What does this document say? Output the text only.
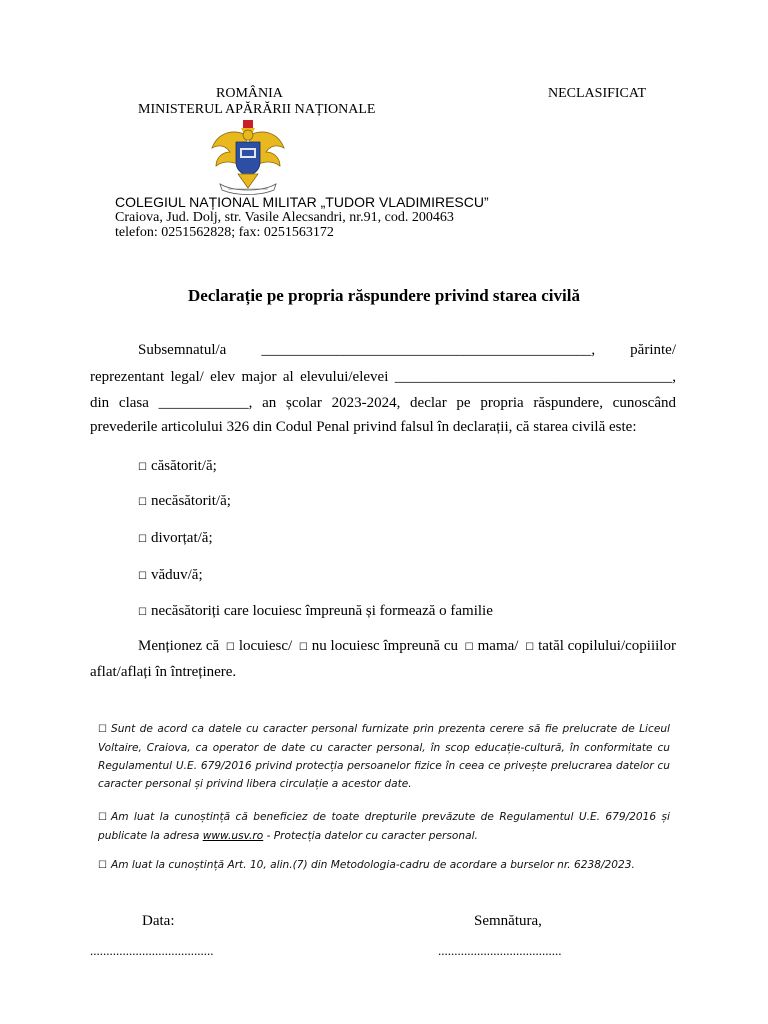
ROMÂNIA
MINISTERUL APĂRĂRII NAȚIONALE
NECLASIFICAT
COLEGIUL NAȚIONAL MILITAR „TUDOR VLADIMIRESCU”
Craiova, Jud. Dolj, str. Vasile Alecsandri, nr.91, cod. 200463
telefon: 0251562828; fax: 0251563172
Declarație pe propria răspundere privind starea civilă
Subsemnatul/a ____________________________________________, părinte/
reprezentant legal/ elev major al elevului/elevei _____________________________________,
din clasa ____________, an școlar 2023-2024, declar pe propria răspundere, cunoscând
prevederile articolului 326 din Codul Penal privind falsul în declarații, că starea civilă este:
☐ căsătorit/ă;
☐ necăsătorit/ă;
☐ divorțat/ă;
☐ văduv/ă;
☐ necăsătoriți care locuiesc împreună și formează o familie
Menționez că ☐ locuiesc/ ☐ nu locuiesc împreună cu ☐ mama/ ☐ tatăl copilului/copiiilor
aflat/aflați în întreținere.
☐ Sunt de acord ca datele cu caracter personal furnizate prin prezenta cerere să fie prelucrate de Liceul
Voltaire, Craiova, ca operator de date cu caracter personal, în scop educație-cultură, în conformitate cu
Regulamentul U.E. 679/2016 privind protecția persoanelor fizice în ceea ce privește prelucrarea datelor cu
caracter personal și privind libera circulație a acestor date.
☐ Am luat la cunoștință că beneficiez de toate drepturile prevăzute de Regulamentul U.E. 679/2016 și
publicate la adresa www.usv.ro - Protecția datelor cu caracter personal.
☐ Am luat la cunoștință Art. 10, alin.(7) din Metodologia-cadru de acordare a burselor nr. 6238/2023.
Data:	Semnătura,
......................................	......................................
